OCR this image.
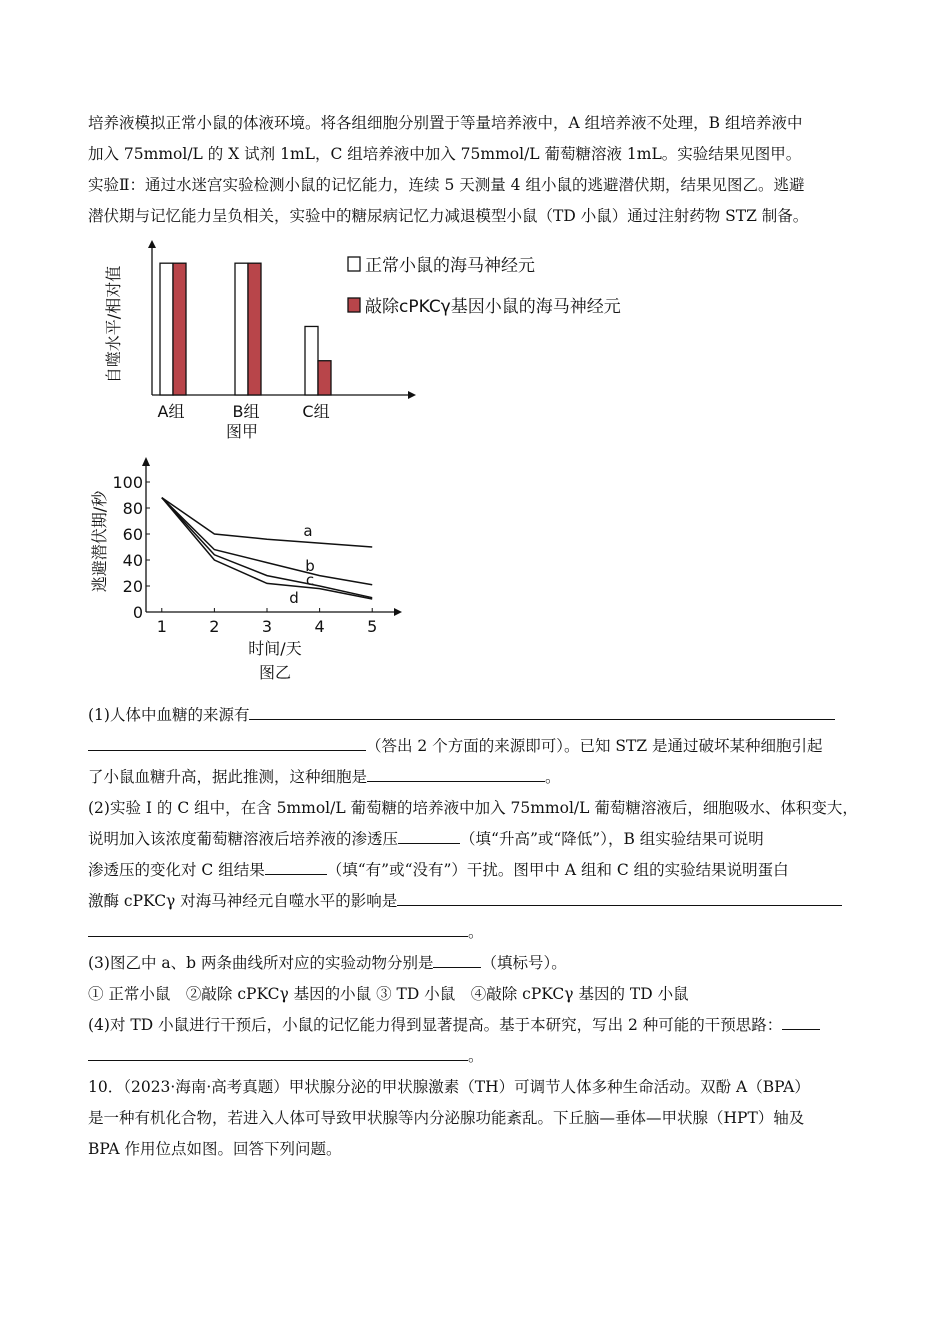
培养液模拟正常小鼠的体液环境。将各组细胞分别置于等量培养液中，A 组培养液不处理，B 组培养液中
加入 75mmol/L 的 X 试剂 1mL，C 组培养液中加入 75mmol/L 葡萄糖溶液 1mL。实验结果见图甲。
实验Ⅱ：通过水迷宫实验检测小鼠的记忆能力，连续 5 天测量 4 组小鼠的逃避潜伏期，结果见图乙。逃避
潜伏期与记忆能力呈负相关，实验中的糖尿病记忆力减退模型小鼠（TD 小鼠）通过注射药物 STZ 制备。
自噬水平/相对值
A组	B组	C组
图甲
正常小鼠的海马神经元
敲除cPKCγ基因小鼠的海马神经元
0
20
40
60
80
100
1	2	3	4	5
逃避潜伏期/秒
时间/天
图乙
a
b
c
d
(1)人体中血糖的来源有
（答出 2 个方面的来源即可）。已知 STZ 是通过破坏某种细胞引起
了小鼠血糖升高，据此推测，这种细胞是	。
(2)实验 I 的 C 组中，在含 5mmol/L 葡萄糖的培养液中加入 75mmol/L 葡萄糖溶液后，细胞吸水、体积变大，
说明加入该浓度葡萄糖溶液后培养液的渗透压	（填“升高”或“降低”），B 组实验结果可说明
渗透压的变化对 C 组结果	（填“有”或“没有”）干扰。图甲中 A 组和 C 组的实验结果说明蛋白
激酶 cPKCγ 对海马神经元自噬水平的影响是
。
(3)图乙中 a、b 两条曲线所对应的实验动物分别是	（填标号）。
① 正常小鼠　②敲除 cPKCγ 基因的小鼠 ③ TD 小鼠　④敲除 cPKCγ 基因的 TD 小鼠
(4)对 TD 小鼠进行干预后，小鼠的记忆能力得到显著提高。基于本研究，写出 2 种可能的干预思路：
。
10．（2023·海南·高考真题）甲状腺分泌的甲状腺激素（TH）可调节人体多种生命活动。双酚 A（BPA）
是一种有机化合物，若进入人体可导致甲状腺等内分泌腺功能紊乱。下丘脑—垂体—甲状腺（HPT）轴及
BPA 作用位点如图。回答下列问题。
